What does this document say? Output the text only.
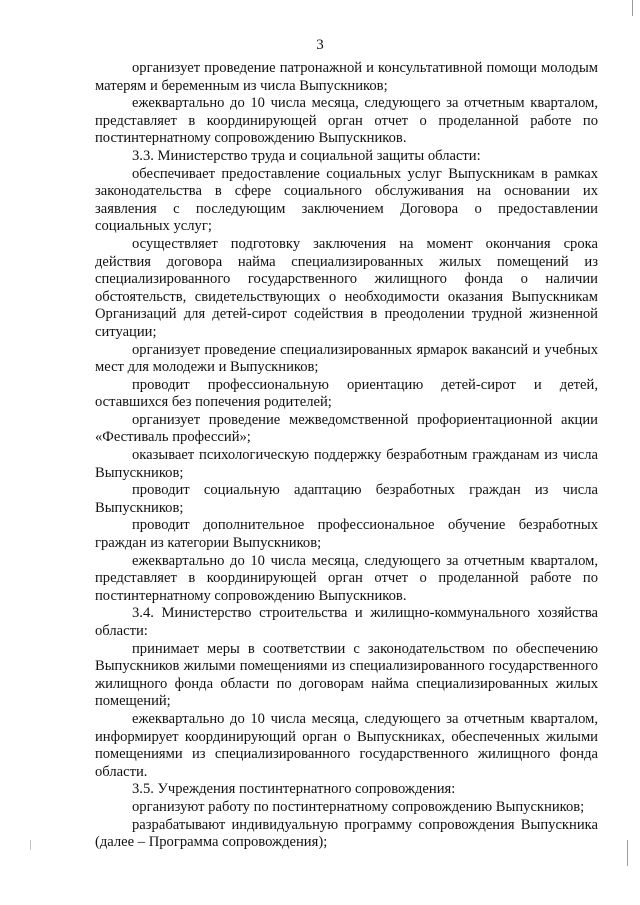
3

организует проведение патронажной и консультативной помощи молодым матерям и беременным из числа Выпускников;

ежеквартально до 10 числа месяца, следующего за отчетным кварталом, представляет в координирующей орган отчет о проделанной работе по постинтернатному сопровождению Выпускников.

3.3. Министерство труда и социальной защиты области:

обеспечивает предоставление социальных услуг Выпускникам в рамках законодательства в сфере социального обслуживания на основании их заявления с последующим заключением Договора о предоставлении социальных услуг;

осуществляет подготовку заключения на момент окончания срока действия договора найма специализированных жилых помещений из специализированного государственного жилищного фонда о наличии обстоятельств, свидетельствующих о необходимости оказания Выпускникам Организаций для детей-сирот содействия в преодолении трудной жизненной ситуации;

организует проведение специализированных ярмарок вакансий и учебных мест для молодежи и Выпускников;

проводит профессиональную ориентацию детей-сирот и детей, оставшихся без попечения родителей;

организует проведение межведомственной профориентационной акции «Фестиваль профессий»;

оказывает психологическую поддержку безработным гражданам из числа Выпускников;

проводит социальную адаптацию безработных граждан из числа Выпускников;

проводит дополнительное профессиональное обучение безработных граждан из категории Выпускников;

ежеквартально до 10 числа месяца, следующего за отчетным кварталом, представляет в координирующей орган отчет о проделанной работе по постинтернатному сопровождению Выпускников.

3.4. Министерство строительства и жилищно-коммунального хозяйства области:

принимает меры в соответствии с законодательством по обеспечению Выпускников жилыми помещениями из специализированного государственного жилищного фонда области по договорам найма специализированных жилых помещений;

ежеквартально до 10 числа месяца, следующего за отчетным кварталом, информирует координирующий орган о Выпускниках, обеспеченных жилыми помещениями из специализированного государственного жилищного фонда области.

3.5. Учреждения постинтернатного сопровождения:

организуют работу по постинтернатному сопровождению Выпускников;

разрабатывают индивидуальную программу сопровождения Выпускника (далее – Программа сопровождения);
